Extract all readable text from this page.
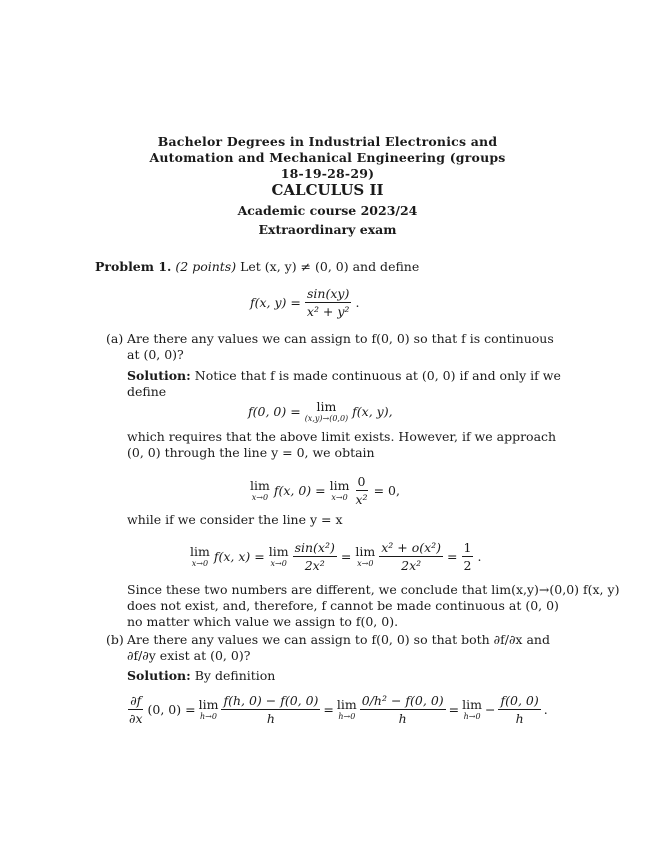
Bachelor Degrees in Industrial Electronics and
Automation and Mechanical Engineering (groups
18-19-28-29)
CALCULUS II
Academic course 2023/24
Extraordinary exam
Problem 1. (2 points) Let (x, y) ≠ (0, 0) and define
f(x, $y) = \frac{\sin(xy)}{\text{x² + y²}}$ .
(a) Are there any values we can assign to f(0, 0) so that f is continuous
at (0, 0)?
Solution: Notice that f is made continuous at (0, 0) if and only if we
define
f(0, 0) = lim
(x,y)→(0,0) f(x, y),
which requires that the above limit exists. However, if we approach
(0, 0) through the line y = 0, we obtain
lim
x→0 f(x, 0) = lim
$x\to 0 \frac{0}{\text{x²}} = 0$,
while if we consider the line y = x
lim
x→0 f(x, x) = lim
$x\to 0 \frac{\text{sin(x²)}}{\text{2x²}} = \lim$
$x\to 0 \frac{\text{x² + o(x²)}}{\text{2x²}} = \frac{1}{2}$ .
Since these two numbers are different, we conclude that lim(x,y)→(0,0) f(x, y)
does not exist, and, therefore, f cannot be made continuous at (0, 0)
no matter which value we assign to f(0, 0).
(b) Are there any values we can assign to f(0, 0) so that both ∂f/∂x and
∂f/∂y exist at (0, 0)?
Solution: By definition
$\frac{\partial f}{\partial x} (0$, 0) = lim
$h\to 0 \frac{f(h, 0) - f(0, 0)}{h} = \lim$
$h\to 0 \frac{\text{0/h² − f(0, 0)}}{h} = \lim$
$h\to 0 - \frac{f(0, 0)}{h}$ .
